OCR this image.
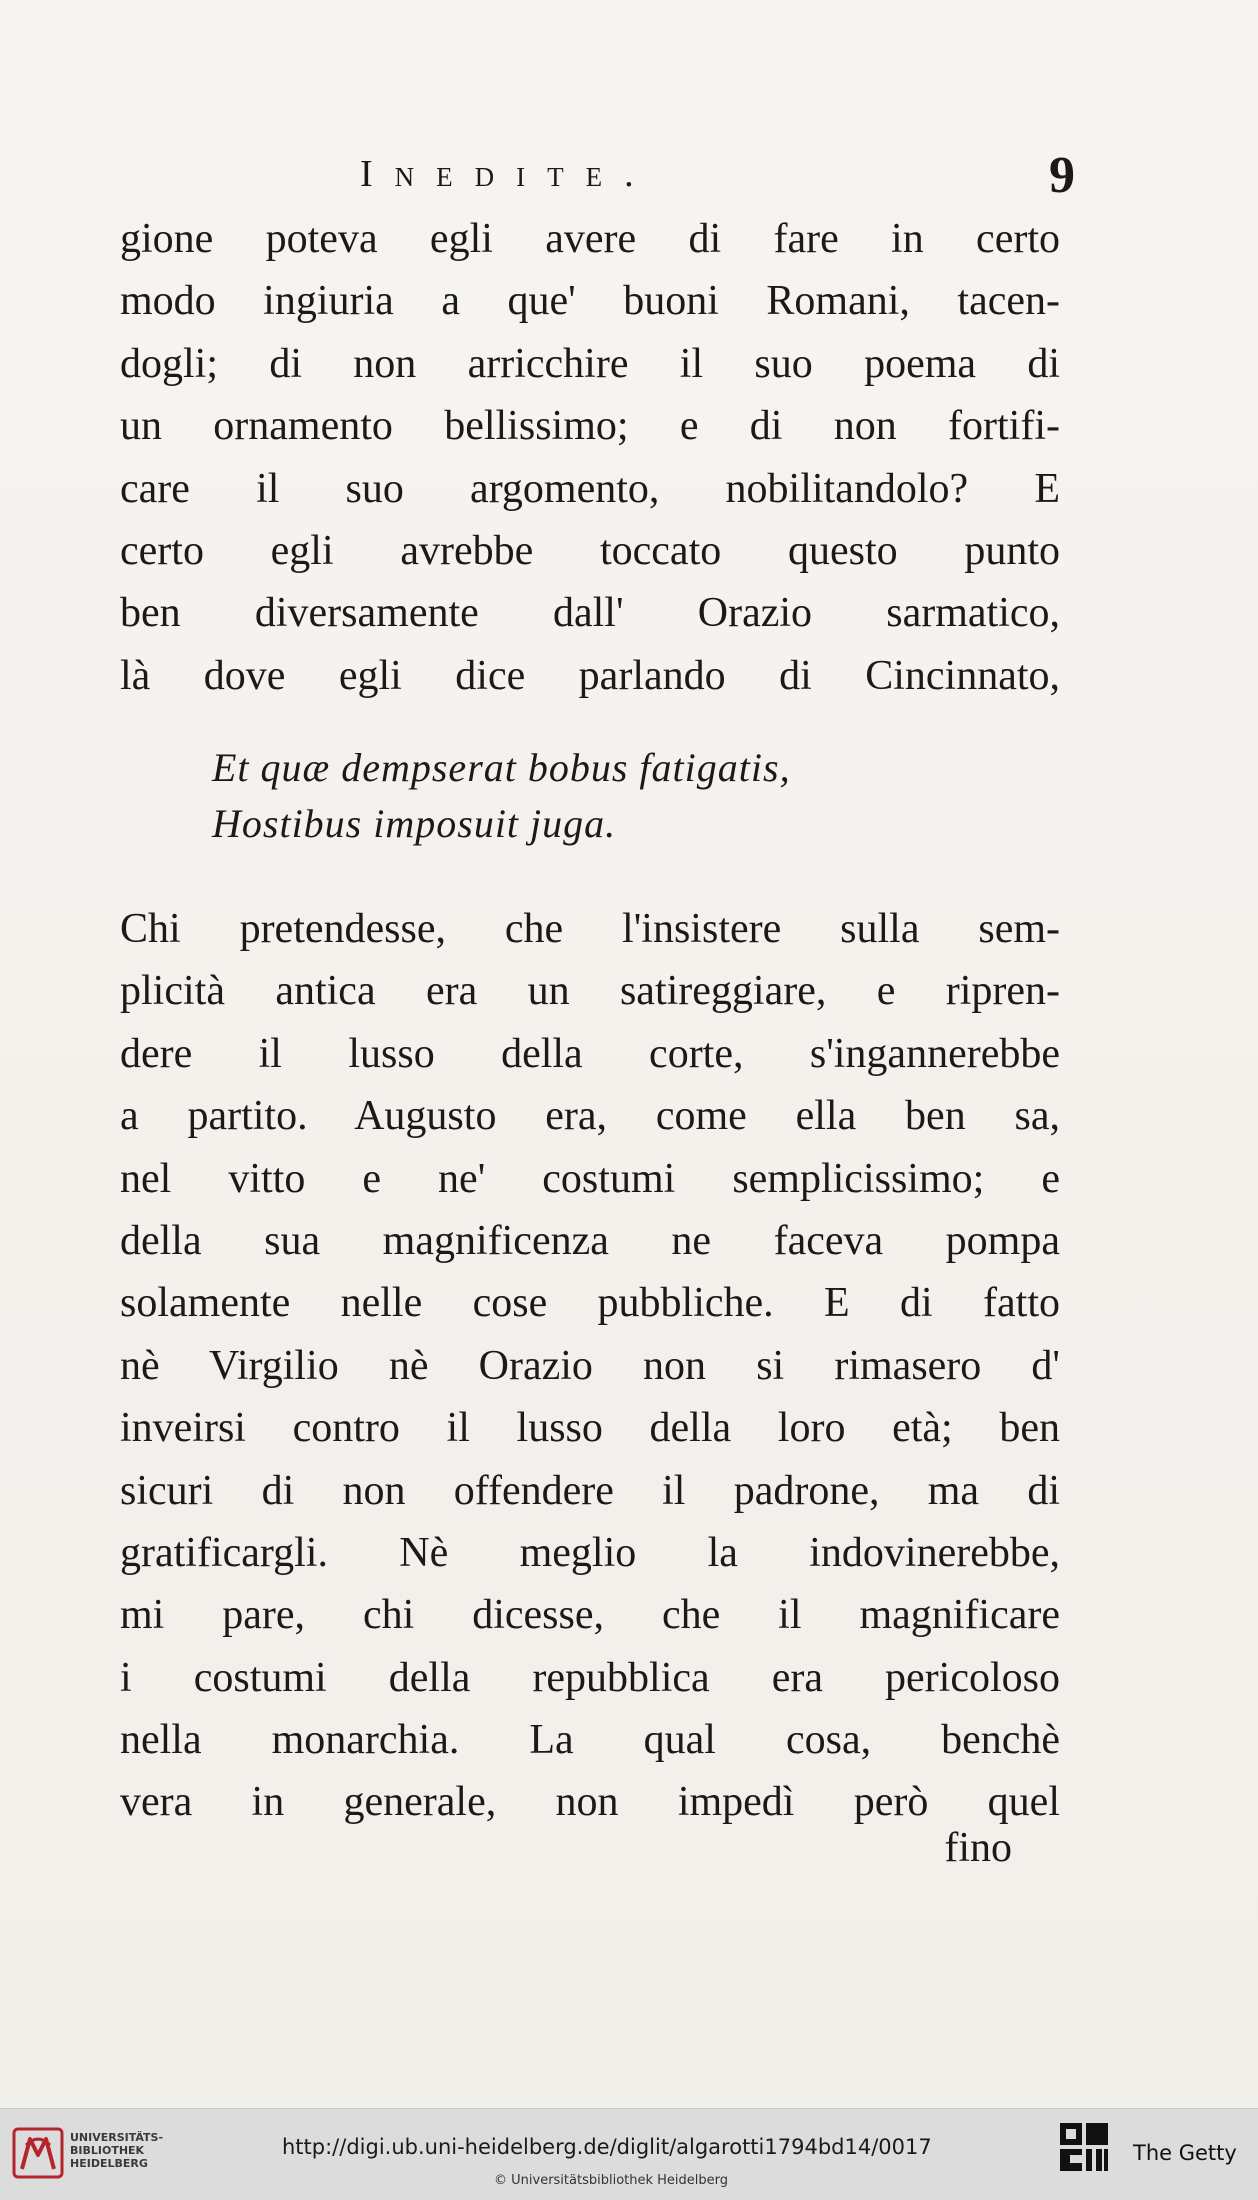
Inedite.	9
gione poteva egli avere di fare in certo
modo ingiuria a que' buoni Romani, tacen-
dogli; di non arricchire il suo poema di
un ornamento bellissimo; e di non fortifi-
care il suo argomento, nobilitandolo? E
certo egli avrebbe toccato questo punto
ben diversamente dall' Orazio sarmatico,
là dove egli dice parlando di Cincinnato,
Et quæ dempserat bobus fatigatis,
Hostibus imposuit juga.
Chi pretendesse, che l'insistere sulla sem-
plicità antica era un satireggiare, e ripren-
dere il lusso della corte, s'ingannerebbe
a partito. Augusto era, come ella ben sa,
nel vitto e ne' costumi semplicissimo; e
della sua magnificenza ne faceva pompa
solamente nelle cose pubbliche. E di fatto
nè Virgilio nè Orazio non si rimasero d'
inveirsi contro il lusso della loro età; ben
sicuri di non offendere il padrone, ma di
gratificargli. Nè meglio la indovinerebbe,
mi pare, chi dicesse, che il magnificare
i costumi della repubblica era pericoloso
nella monarchia. La qual cosa, benchè
vera in generale, non impedì però quel
fino
UNIVERSITÄTS-
BIBLIOTHEK
HEIDELBERG
http://digi.ub.uni-heidelberg.de/diglit/algarotti1794bd14/0017
© Universitätsbibliothek Heidelberg
The Getty
